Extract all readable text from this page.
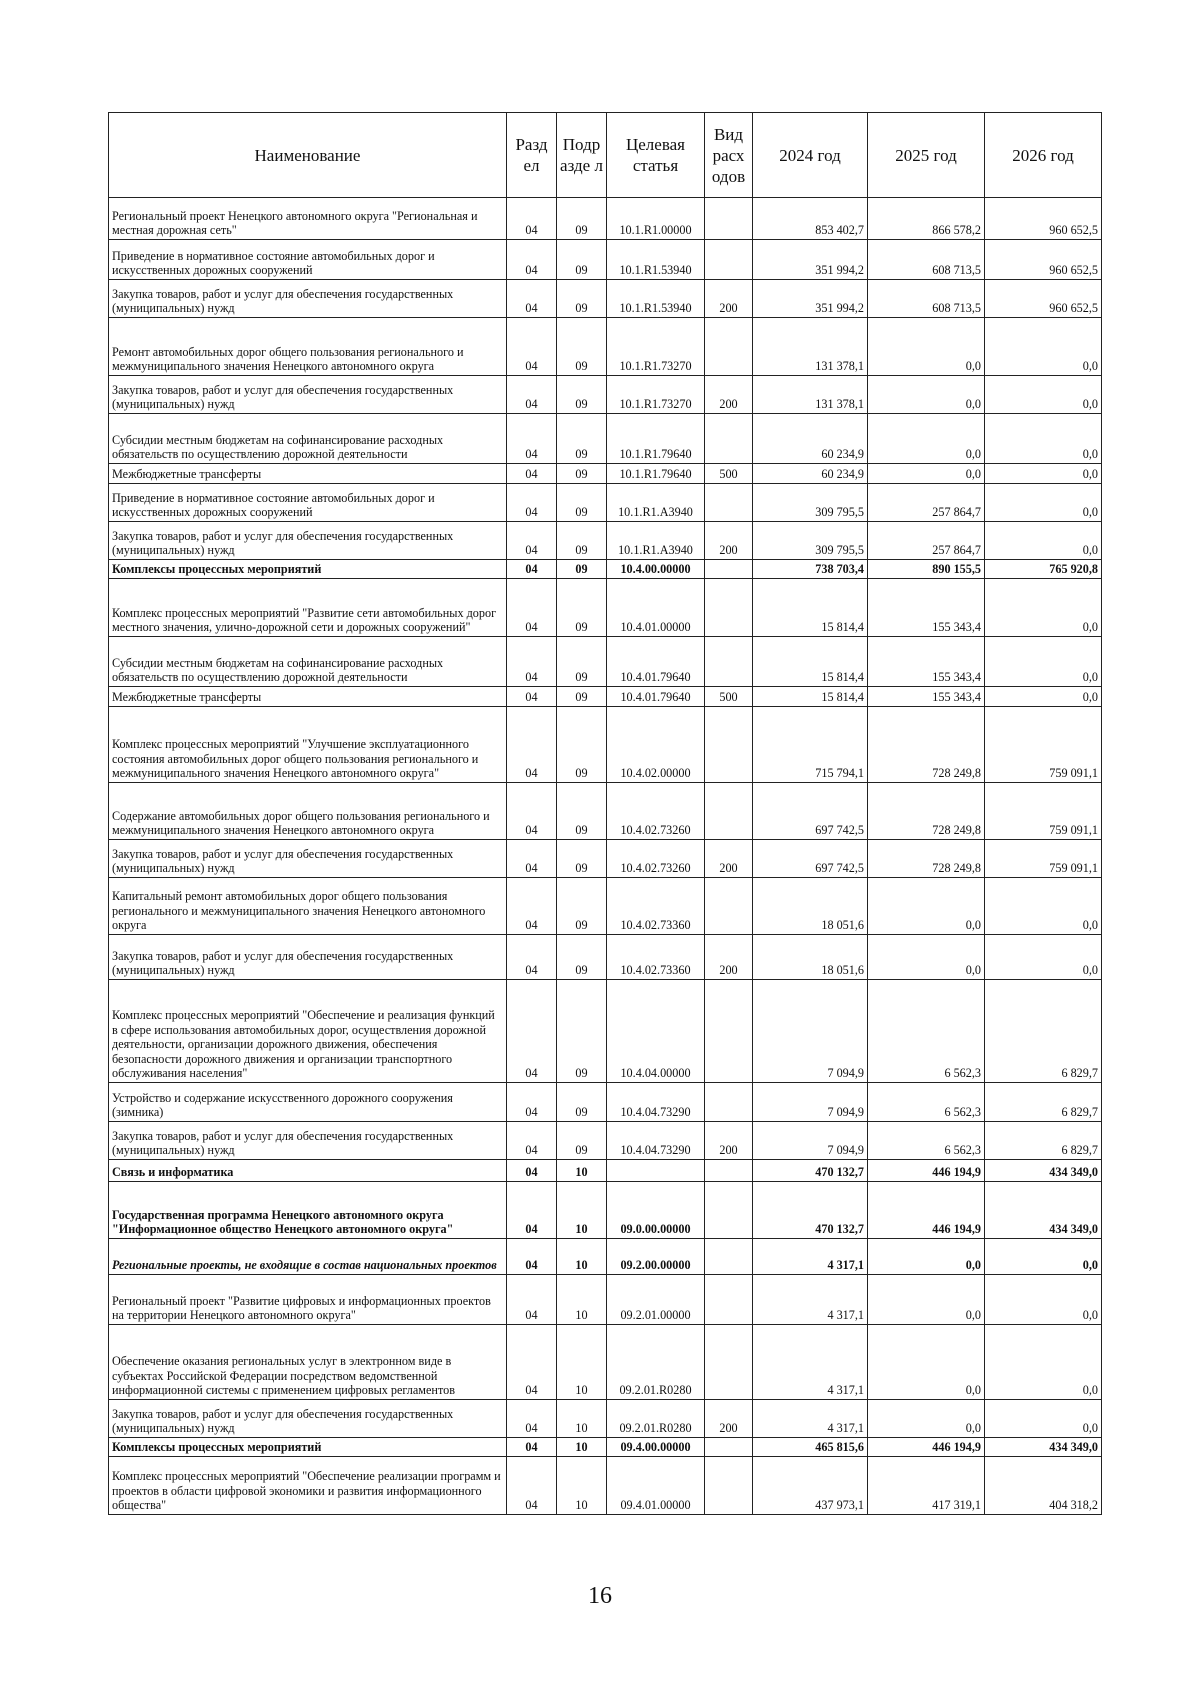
Наименование	Разд ел	Подр азде л	Целевая статья	Вид расх одов	2024 год	2025 год	2026 год
Региональный проект Ненецкого автономного округа "Региональная и местная дорожная сеть"	04	09	10.1.R1.00000		853 402,7	866 578,2	960 652,5
Приведение в нормативное состояние автомобильных дорог и искусственных дорожных сооружений	04	09	10.1.R1.53940		351 994,2	608 713,5	960 652,5
Закупка товаров, работ и услуг для обеспечения государственных (муниципальных) нужд	04	09	10.1.R1.53940	200	351 994,2	608 713,5	960 652,5
Ремонт автомобильных дорог общего пользования регионального и межмуниципального значения Ненецкого автономного округа	04	09	10.1.R1.73270		131 378,1	0,0	0,0
Закупка товаров, работ и услуг для обеспечения государственных (муниципальных) нужд	04	09	10.1.R1.73270	200	131 378,1	0,0	0,0
Субсидии местным бюджетам на софинансирование расходных обязательств по осуществлению дорожной деятельности	04	09	10.1.R1.79640		60 234,9	0,0	0,0
Межбюджетные трансферты	04	09	10.1.R1.79640	500	60 234,9	0,0	0,0
Приведение в нормативное состояние автомобильных дорог и искусственных дорожных сооружений	04	09	10.1.R1.A3940		309 795,5	257 864,7	0,0
Закупка товаров, работ и услуг для обеспечения государственных (муниципальных) нужд	04	09	10.1.R1.A3940	200	309 795,5	257 864,7	0,0
Комплексы процессных мероприятий	04	09	10.4.00.00000		738 703,4	890 155,5	765 920,8
Комплекс процессных мероприятий "Развитие сети автомобильных дорог местного значения, улично-дорожной сети и дорожных сооружений"	04	09	10.4.01.00000		15 814,4	155 343,4	0,0
Субсидии местным бюджетам на софинансирование расходных обязательств по осуществлению дорожной деятельности	04	09	10.4.01.79640		15 814,4	155 343,4	0,0
Межбюджетные трансферты	04	09	10.4.01.79640	500	15 814,4	155 343,4	0,0
Комплекс процессных мероприятий "Улучшение эксплуатационного состояния автомобильных дорог общего пользования регионального и межмуниципального значения Ненецкого автономного округа"	04	09	10.4.02.00000		715 794,1	728 249,8	759 091,1
Содержание автомобильных дорог общего пользования регионального и межмуниципального значения Ненецкого автономного округа	04	09	10.4.02.73260		697 742,5	728 249,8	759 091,1
Закупка товаров, работ и услуг для обеспечения государственных (муниципальных) нужд	04	09	10.4.02.73260	200	697 742,5	728 249,8	759 091,1
Капитальный ремонт автомобильных дорог общего пользования регионального и межмуниципального значения Ненецкого автономного округа	04	09	10.4.02.73360		18 051,6	0,0	0,0
Закупка товаров, работ и услуг для обеспечения государственных (муниципальных) нужд	04	09	10.4.02.73360	200	18 051,6	0,0	0,0
Комплекс процессных мероприятий "Обеспечение и реализация функций в сфере использования автомобильных дорог, осуществления дорожной деятельности, организации дорожного движения, обеспечения безопасности дорожного движения и организации транспортного обслуживания населения"	04	09	10.4.04.00000		7 094,9	6 562,3	6 829,7
Устройство и содержание искусственного дорожного сооружения (зимника)	04	09	10.4.04.73290		7 094,9	6 562,3	6 829,7
Закупка товаров, работ и услуг для обеспечения государственных (муниципальных) нужд	04	09	10.4.04.73290	200	7 094,9	6 562,3	6 829,7
Связь и информатика	04	10			470 132,7	446 194,9	434 349,0
Государственная программа Ненецкого автономного округа "Информационное общество Ненецкого автономного округа"	04	10	09.0.00.00000		470 132,7	446 194,9	434 349,0
Региональные проекты, не входящие в состав национальных проектов	04	10	09.2.00.00000		4 317,1	0,0	0,0
Региональный проект "Развитие цифровых и информационных проектов на территории Ненецкого автономного округа"	04	10	09.2.01.00000		4 317,1	0,0	0,0
Обеспечение оказания региональных услуг в электронном виде в субъектах Российской Федерации посредством ведомственной информационной системы с применением цифровых регламентов	04	10	09.2.01.R0280		4 317,1	0,0	0,0
Закупка товаров, работ и услуг для обеспечения государственных (муниципальных) нужд	04	10	09.2.01.R0280	200	4 317,1	0,0	0,0
Комплексы процессных мероприятий	04	10	09.4.00.00000		465 815,6	446 194,9	434 349,0
Комплекс процессных мероприятий "Обеспечение реализации программ и проектов в области цифровой экономики и развития информационного общества"	04	10	09.4.01.00000		437 973,1	417 319,1	404 318,2
16
